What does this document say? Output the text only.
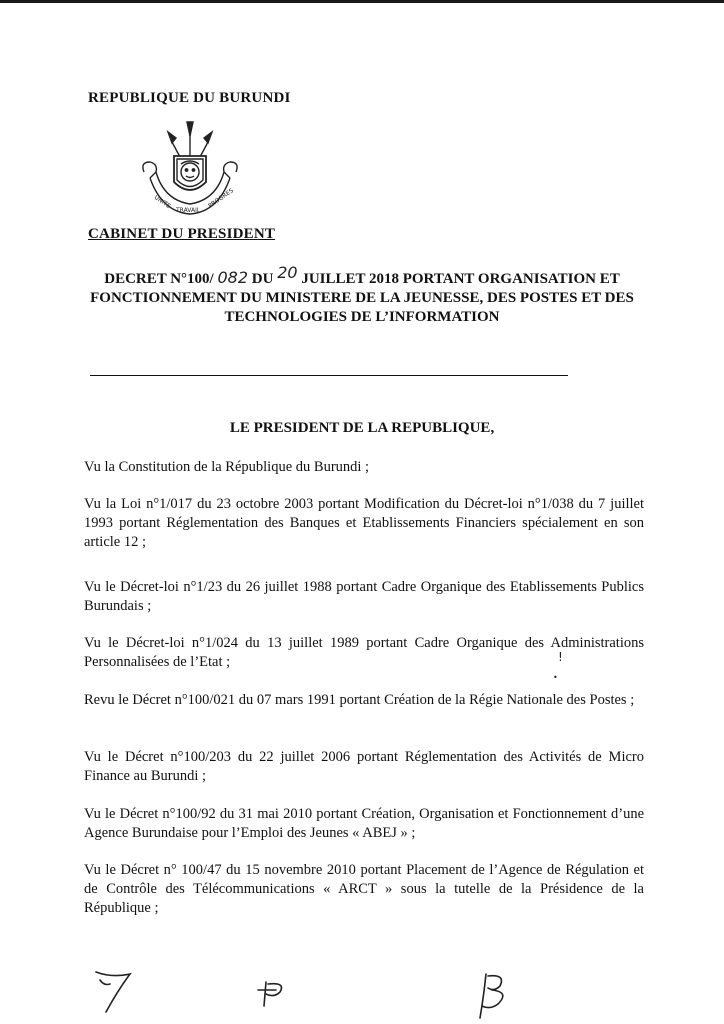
REPUBLIQUE DU BURUNDI
UNITE
TRAVAIL
PROGRES
CABINET DU PRESIDENT
DECRET N°100/ 082 DU 20 JUILLET 2018 PORTANT ORGANISATION ET FONCTIONNEMENT DU MINISTERE DE LA JEUNESSE, DES POSTES ET DES TECHNOLOGIES DE L’INFORMATION
LE PRESIDENT DE LA REPUBLIQUE,
Vu la Constitution de la République du Burundi ;
Vu la Loi n°1/017 du 23 octobre 2003 portant Modification du Décret-loi n°1/038 du 7 juillet 1993 portant Réglementation des Banques et Etablissements Financiers spécialement en son article 12 ;
Vu le Décret-loi n°1/23 du 26 juillet 1988 portant Cadre Organique des Etablissements Publics Burundais ;
Vu le Décret-loi n°1/024 du 13 juillet 1989 portant Cadre Organique des Administrations Personnalisées de l’Etat ;
Revu le Décret n°100/021 du 07 mars 1991 portant Création de la Régie Nationale des Postes ;
Vu le Décret n°100/203 du 22 juillet 2006 portant Réglementation des Activités de Micro Finance au Burundi ;
Vu le Décret n°100/92 du 31 mai 2010 portant Création, Organisation et Fonctionnement d’une Agence Burundaise pour l’Emploi des Jeunes « ABEJ » ;
Vu le Décret n° 100/47 du 15 novembre 2010 portant Placement de l’Agence de Régulation et de Contrôle des Télécommunications « ARCT » sous la tutelle de la Présidence de la République ;
!
•
